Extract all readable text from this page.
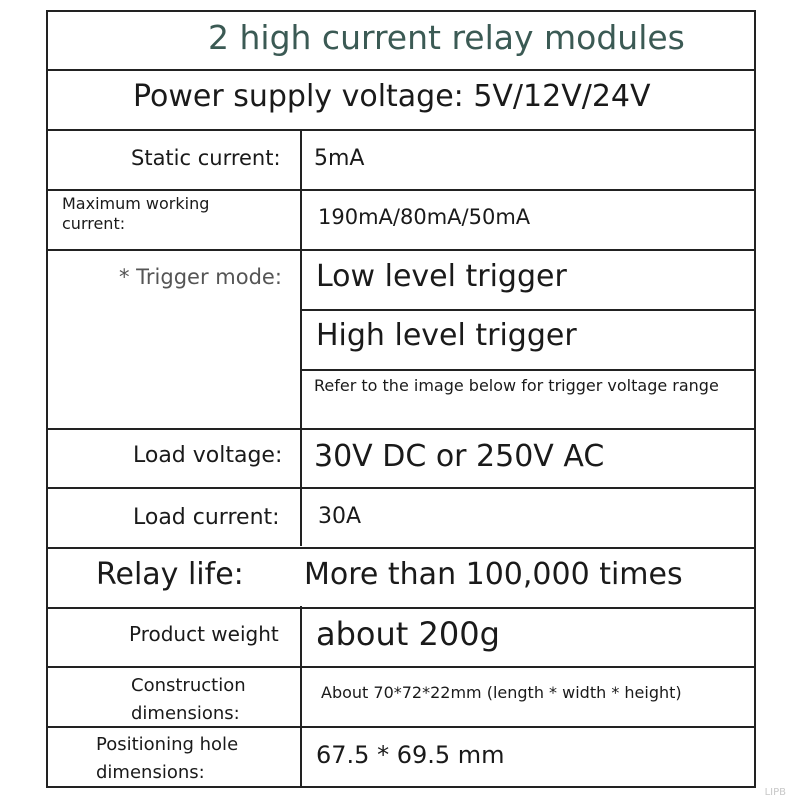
2 high current relay modules
Power supply voltage: 5V/12V/24V
Static current: 5mA
Maximum working current:	190mA/80mA/50mA
* Trigger mode: Low level trigger
High level trigger
Refer to the image below for trigger voltage range
Load voltage: 30V DC or 250V AC
Load current: 30A
Relay life: More than 100,000 times
Product weight about 200g
Construction dimensions:
About 70*72*22mm (length * width * height)
Positioning hole dimensions:
67.5 * 69.5 mm
LIPB
